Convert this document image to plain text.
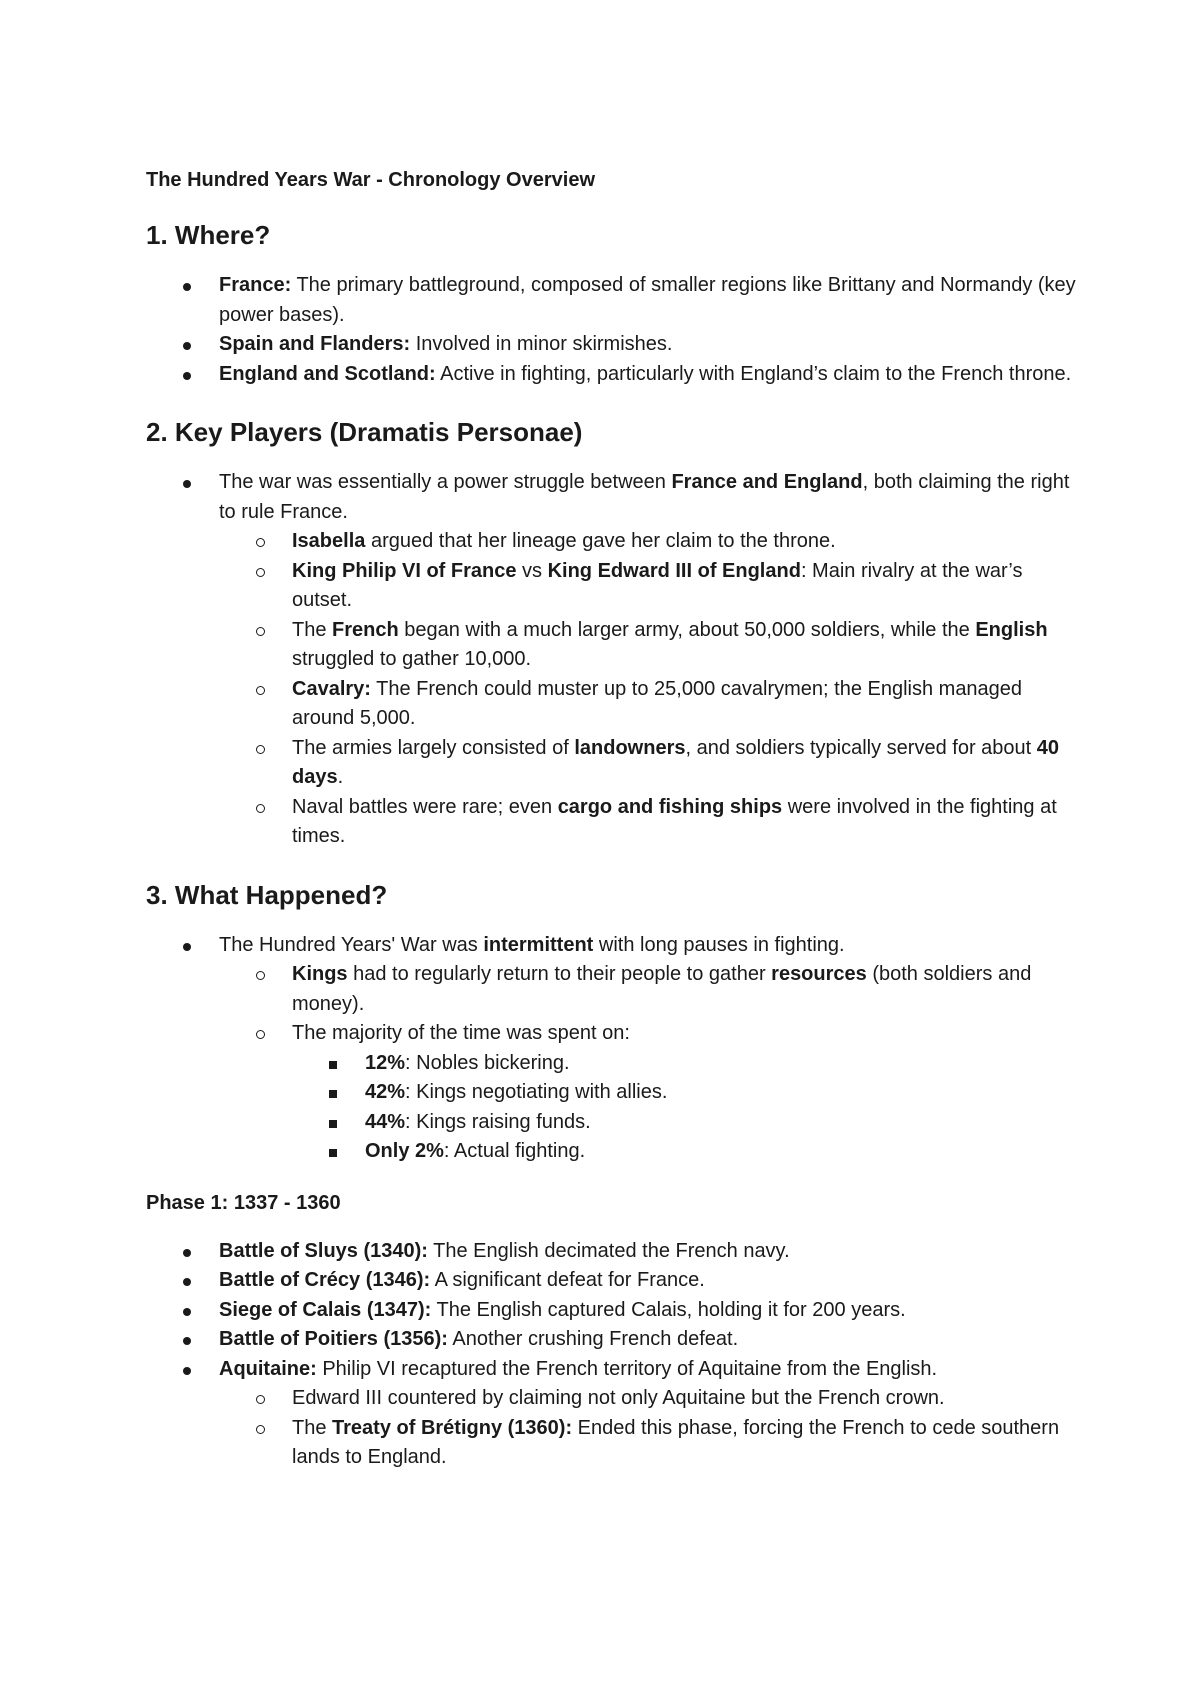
The Hundred Years War - Chronology Overview

1. Where?
France: The primary battleground, composed of smaller regions like Brittany and Normandy (key power bases).
Spain and Flanders: Involved in minor skirmishes.
England and Scotland: Active in fighting, particularly with England’s claim to the French throne.
2. Key Players (Dramatis Personae)
The war was essentially a power struggle between France and England, both claiming the right to rule France.
Isabella argued that her lineage gave her claim to the throne.
King Philip VI of France vs King Edward III of England: Main rivalry at the war’s outset.
The French began with a much larger army, about 50,000 soldiers, while the English struggled to gather 10,000.
Cavalry: The French could muster up to 25,000 cavalrymen; the English managed around 5,000.
The armies largely consisted of landowners, and soldiers typically served for about 40 days.
Naval battles were rare; even cargo and fishing ships were involved in the fighting at times.
3. What Happened?
The Hundred Years' War was intermittent with long pauses in fighting.
Kings had to regularly return to their people to gather resources (both soldiers and money).
The majority of the time was spent on:
12%: Nobles bickering.
42%: Kings negotiating with allies.
44%: Kings raising funds.
Only 2%: Actual fighting.
Phase 1: 1337 - 1360
Battle of Sluys (1340): The English decimated the French navy.
Battle of Crécy (1346): A significant defeat for France.
Siege of Calais (1347): The English captured Calais, holding it for 200 years.
Battle of Poitiers (1356): Another crushing French defeat.
Aquitaine: Philip VI recaptured the French territory of Aquitaine from the English.
Edward III countered by claiming not only Aquitaine but the French crown.
The Treaty of Brétigny (1360): Ended this phase, forcing the French to cede southern lands to England.
